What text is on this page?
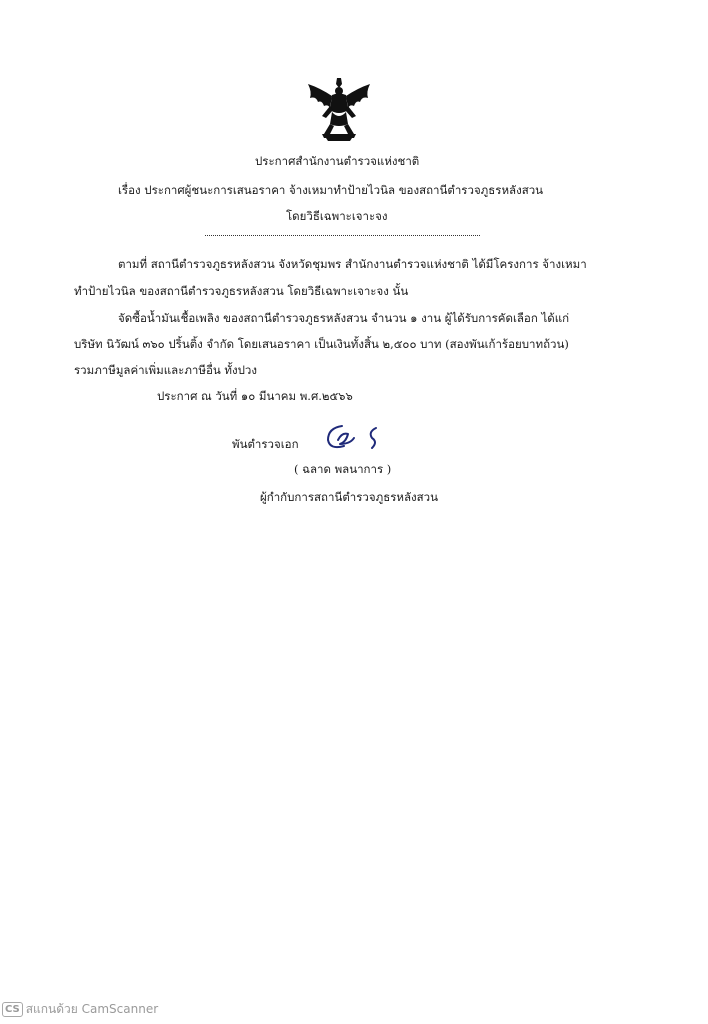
ประกาศสำนักงานตำรวจแห่งชาติ
เรื่อง ประกาศผู้ชนะการเสนอราคา จ้างเหมาทำป้ายไวนิล ของสถานีตำรวจภูธรหลังสวน
โดยวิธีเฉพาะเจาะจง
ตามที่ สถานีตำรวจภูธรหลังสวน จังหวัดชุมพร สำนักงานตำรวจแห่งชาติ ได้มีโครงการ จ้างเหมา
ทำป้ายไวนิล ของสถานีตำรวจภูธรหลังสวน โดยวิธีเฉพาะเจาะจง นั้น
จัดซื้อน้ำมันเชื้อเพลิง ของสถานีตำรวจภูธรหลังสวน จำนวน ๑ งาน ผู้ได้รับการคัดเลือก ได้แก่
บริษัท นิวัฒน์ ๓๖๐ ปริ้นติ้ง จำกัด โดยเสนอราคา เป็นเงินทั้งสิ้น ๒,๕๐๐ บาท (สองพันเก้าร้อยบาทถ้วน)
รวมภาษีมูลค่าเพิ่มและภาษีอื่น ทั้งปวง
ประกาศ ณ วันที่ ๑๐ มีนาคม พ.ศ.๒๕๖๖
พันตำรวจเอก
( ฉลาด พลนาการ )
ผู้กำกับการสถานีตำรวจภูธรหลังสวน
CS สแกนด้วย CamScanner
